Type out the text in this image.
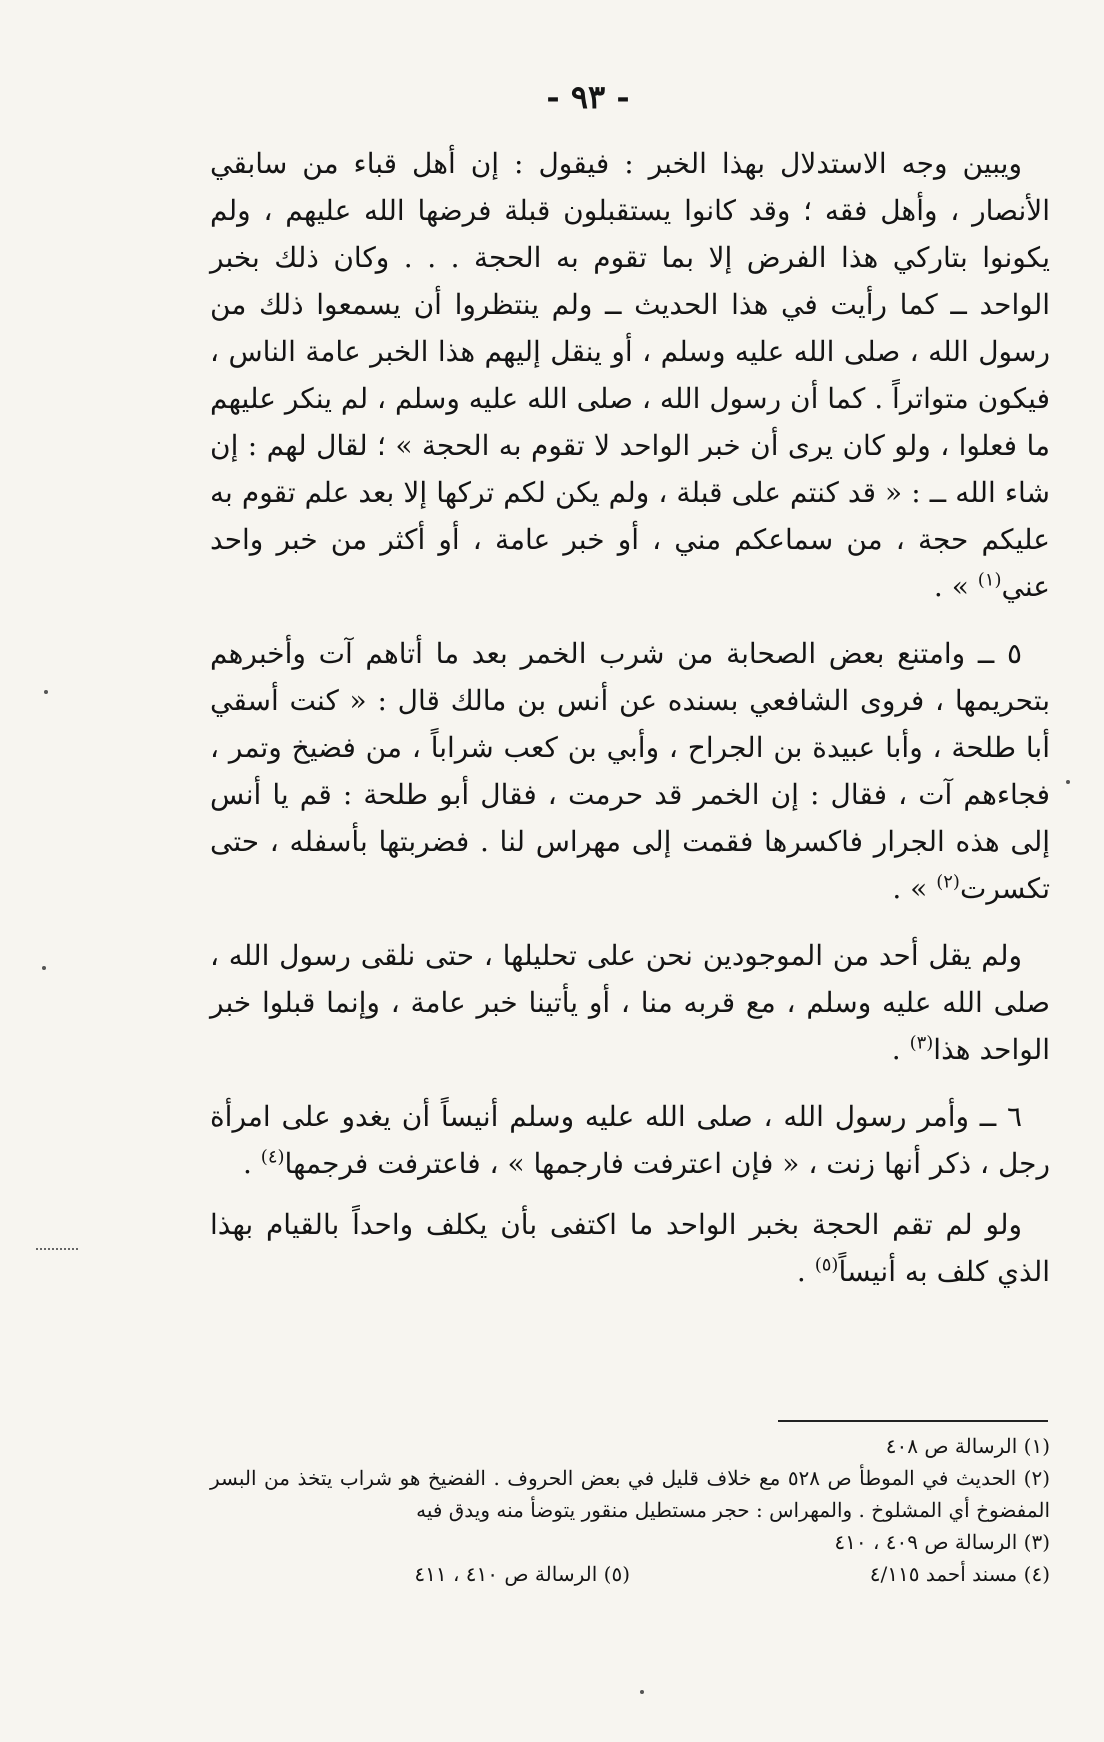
- ٩٣ -

ويبين وجه الاستدلال بهذا الخبر : فيقول : إن أهل قباء من سابقي الأنصار ، وأهل فقه ؛ وقد كانوا يستقبلون قبلة فرضها الله عليهم ، ولم يكونوا بتاركي هذا الفرض إلا بما تقوم به الحجة . . . وكان ذلك بخبر الواحد ــ كما رأيت في هذا الحديث ــ ولم ينتظروا أن يسمعوا ذلك من رسول الله ، صلى الله عليه وسلم ، أو ينقل إليهم هذا الخبر عامة الناس ، فيكون متواتراً . كما أن رسول الله ، صلى الله عليه وسلم ، لم ينكر عليهم ما فعلوا ، ولو كان يرى أن خبر الواحد لا تقوم به الحجة » ؛ لقال لهم : إن شاء الله ــ : « قد كنتم على قبلة ، ولم يكن لكم تركها إلا بعد علم تقوم به عليكم حجة ، من سماعكم مني ، أو خبر عامة ، أو أكثر من خبر واحد عني$^{(١)}$ » .

٥ ــ وامتنع بعض الصحابة من شرب الخمر بعد ما أتاهم آت وأخبرهم بتحريمها ، فروى الشافعي بسنده عن أنس بن مالك قال : « كنت أسقي أبا طلحة ، وأبا عبيدة بن الجراح ، وأبي بن كعب شراباً ، من فضيخ وتمر ، فجاءهم آت ، فقال : إن الخمر قد حرمت ، فقال أبو طلحة : قم يا أنس إلى هذه الجرار فاكسرها فقمت إلى مهراس لنا . فضربتها بأسفله ، حتى تكسرت$^{(٢)}$ » .

ولم يقل أحد من الموجودين نحن على تحليلها ، حتى نلقى رسول الله ، صلى الله عليه وسلم ، مع قربه منا ، أو يأتينا خبر عامة ، وإنما قبلوا خبر الواحد هذا$^{(٣)}$ .

٦ ــ وأمر رسول الله ، صلى الله عليه وسلم أنيساً أن يغدو على امرأة رجل ، ذكر أنها زنت ، « فإن اعترفت فارجمها » ، فاعترفت فرجمها$^{(٤)}$ .

ولو لم تقم الحجة بخبر الواحد ما اكتفى بأن يكلف واحداً بالقيام بهذا الذي كلف به أنيساً$^{(٥)}$ .

(١) الرسالة ص ٤٠٨

(٢) الحديث في الموطأ ص ٥٢٨ مع خلاف قليل في بعض الحروف . الفضيخ هو شراب يتخذ من البسر المفضوخ أي المشلوخ . والمهراس : حجر مستطيل منقور يتوضأ منه ويدق فيه

(٣) الرسالة ص ٤٠٩ ، ٤١٠

(٤) مسند أحمد ٤/١١٥
(٥) الرسالة ص ٤١٠ ، ٤١١
